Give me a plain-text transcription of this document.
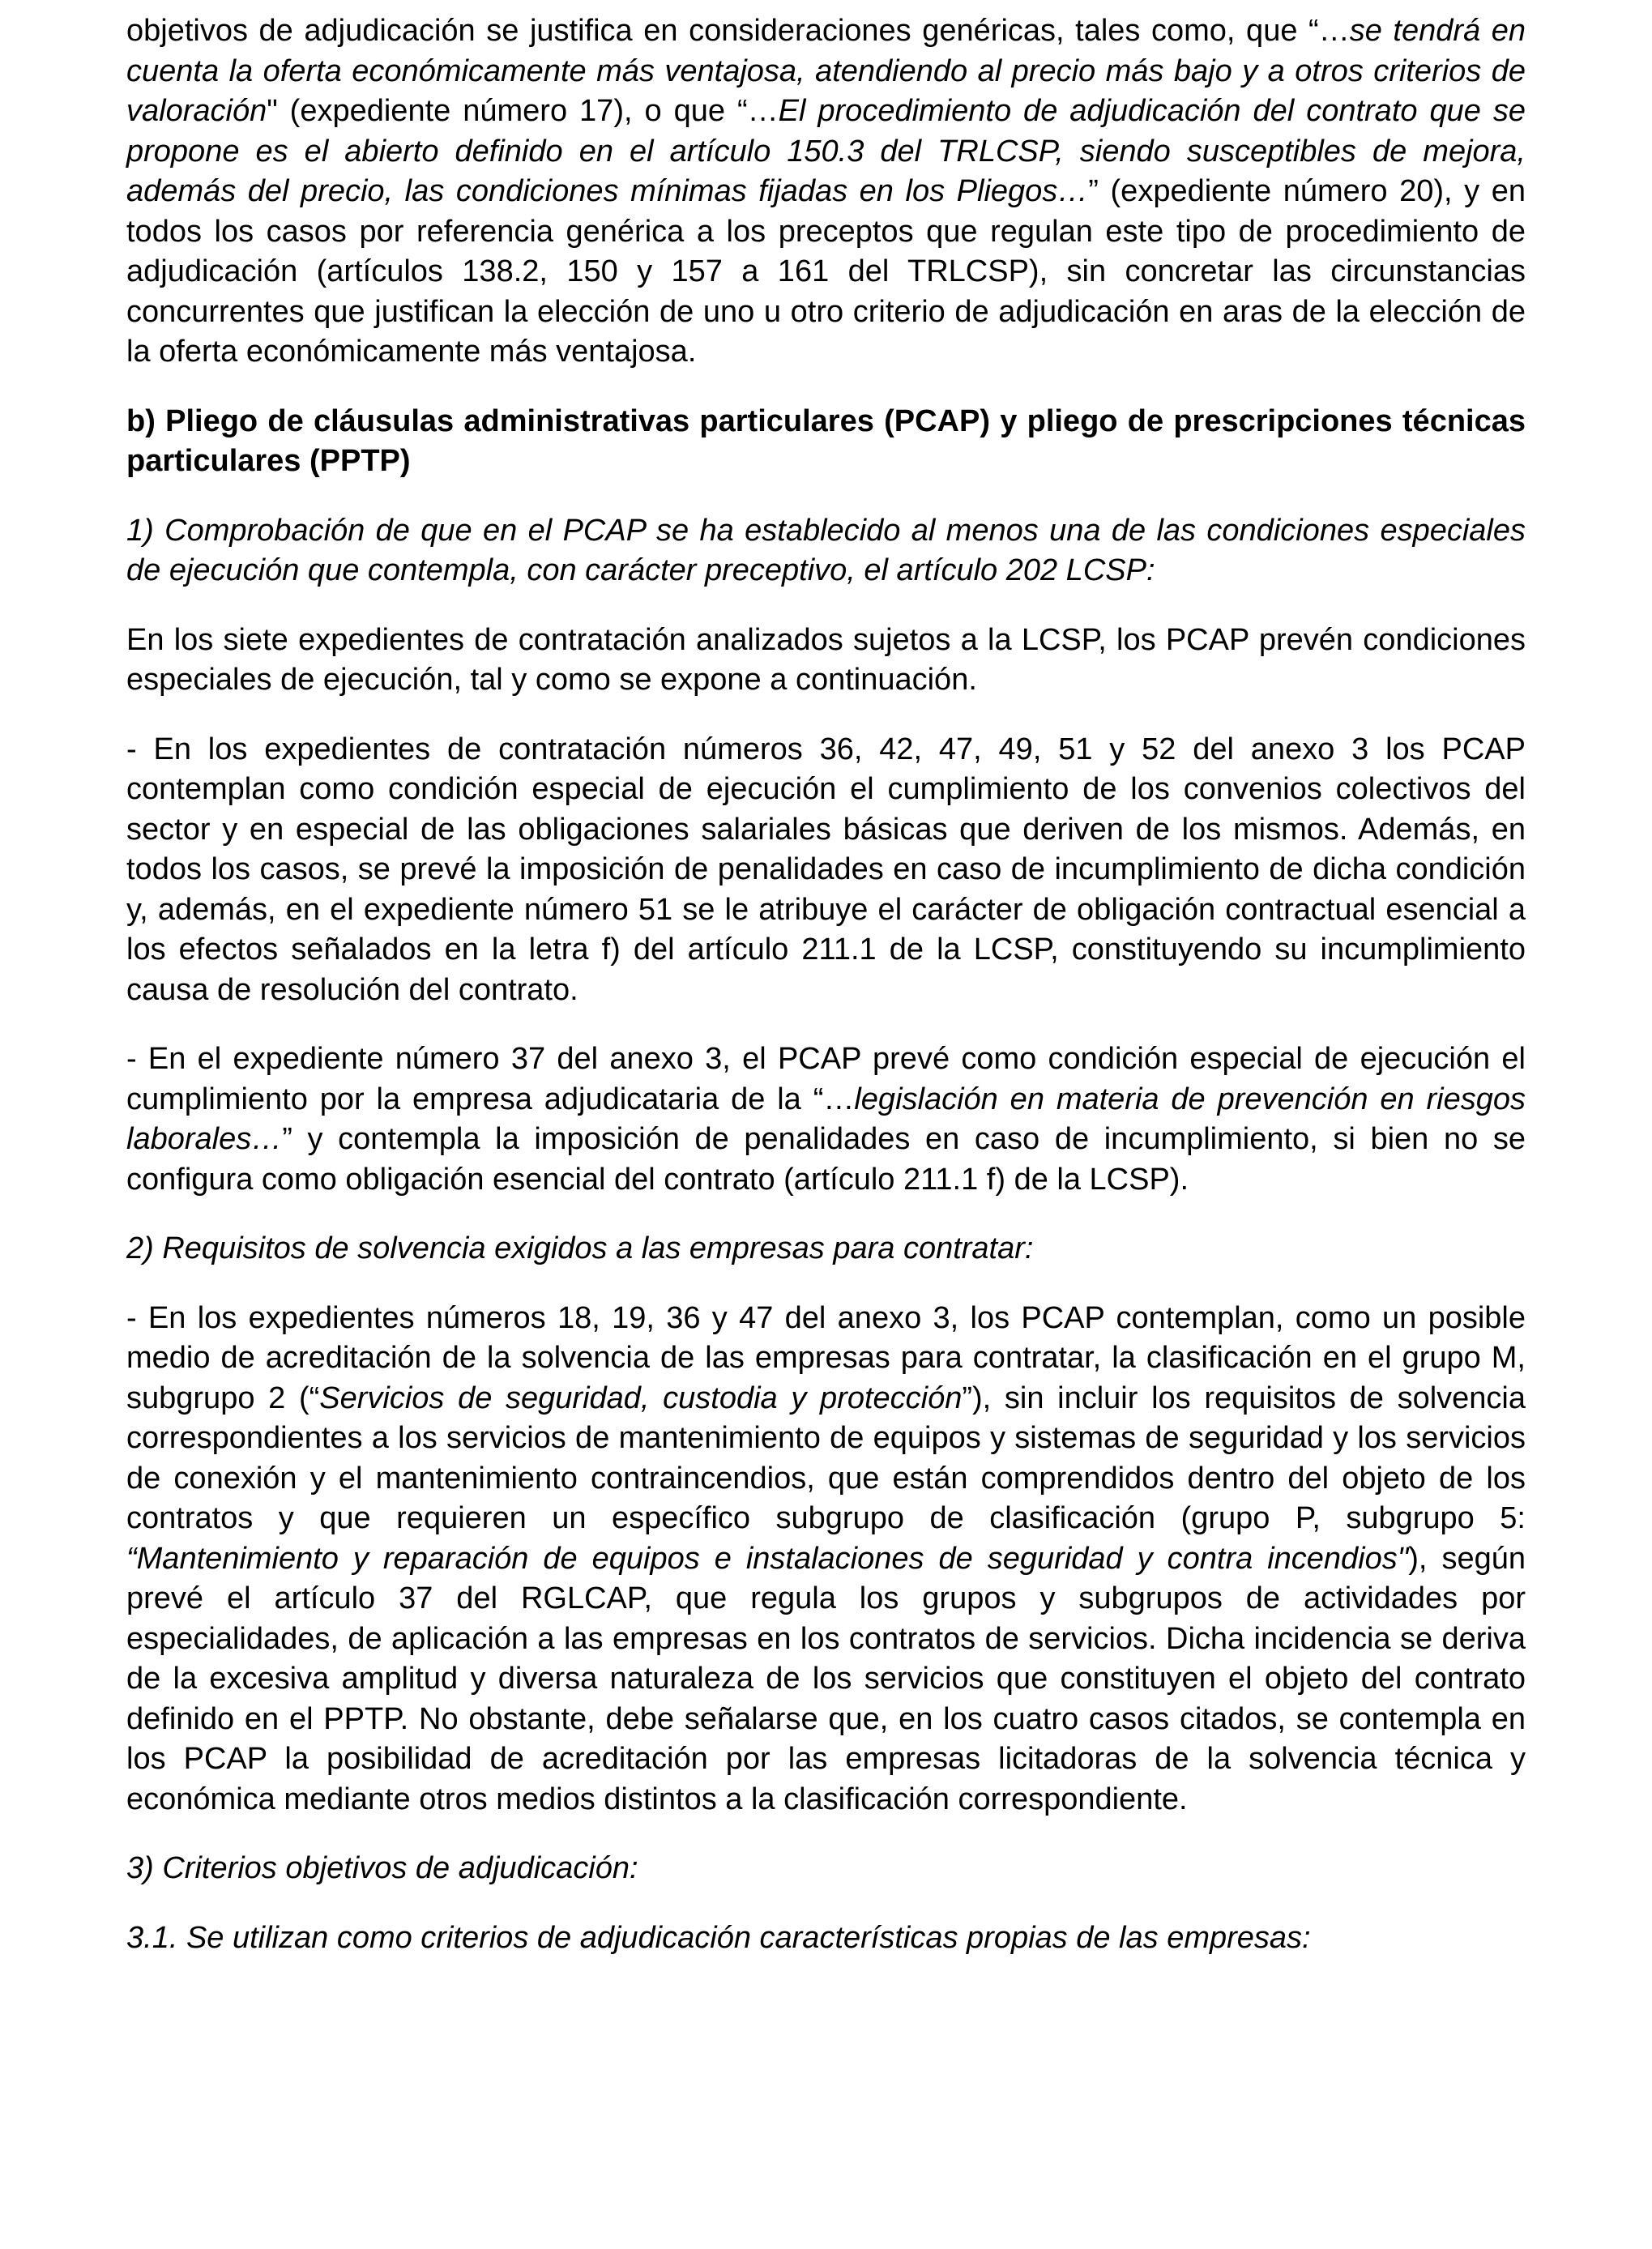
objetivos de adjudicación se justifica en consideraciones genéricas, tales como, que “…se tendrá en cuenta la oferta económicamente más ventajosa, atendiendo al precio más bajo y a otros criterios de valoración" (expediente número 17), o que “…El procedimiento de adjudicación del contrato que se propone es el abierto definido en el artículo 150.3 del TRLCSP, siendo susceptibles de mejora, además del precio, las condiciones mínimas fijadas en los Pliegos…” (expediente número 20), y en todos los casos por referencia genérica a los preceptos que regulan este tipo de procedimiento de adjudicación (artículos 138.2, 150 y 157 a 161 del TRLCSP), sin concretar las circunstancias concurrentes que justifican la elección de uno u otro criterio de adjudicación en aras de la elección de la oferta económicamente más ventajosa.

b) Pliego de cláusulas administrativas particulares (PCAP) y pliego de prescripciones técnicas particulares (PPTP)

1) Comprobación de que en el PCAP se ha establecido al menos una de las condiciones especiales de ejecución que contempla, con carácter preceptivo, el artículo 202 LCSP:

En los siete expedientes de contratación analizados sujetos a la LCSP, los PCAP prevén condiciones especiales de ejecución, tal y como se expone a continuación.

- En los expedientes de contratación números 36, 42, 47, 49, 51 y 52 del anexo 3 los PCAP contemplan como condición especial de ejecución el cumplimiento de los convenios colectivos del sector y en especial de las obligaciones salariales básicas que deriven de los mismos. Además, en todos los casos, se prevé la imposición de penalidades en caso de incumplimiento de dicha condición y, además, en el expediente número 51 se le atribuye el carácter de obligación contractual esencial a los efectos señalados en la letra f) del artículo 211.1 de la LCSP, constituyendo su incumplimiento causa de resolución del contrato.

- En el expediente número 37 del anexo 3, el PCAP prevé como condición especial de ejecución el cumplimiento por la empresa adjudicataria de la “…legislación en materia de prevención en riesgos laborales…” y contempla la imposición de penalidades en caso de incumplimiento, si bien no se configura como obligación esencial del contrato (artículo 211.1 f) de la LCSP).

2) Requisitos de solvencia exigidos a las empresas para contratar:

- En los expedientes números 18, 19, 36 y 47 del anexo 3, los PCAP contemplan, como un posible medio de acreditación de la solvencia de las empresas para contratar, la clasificación en el grupo M, subgrupo 2 (“Servicios de seguridad, custodia y protección”), sin incluir los requisitos de solvencia correspondientes a los servicios de mantenimiento de equipos y sistemas de seguridad y los servicios de conexión y el mantenimiento contraincendios, que están comprendidos dentro del objeto de los contratos y que requieren un específico subgrupo de clasificación (grupo P, subgrupo 5: “Mantenimiento y reparación de equipos e instalaciones de seguridad y contra incendios"), según prevé el artículo 37 del RGLCAP, que regula los grupos y subgrupos de actividades por especialidades, de aplicación a las empresas en los contratos de servicios. Dicha incidencia se deriva de la excesiva amplitud y diversa naturaleza de los servicios que constituyen el objeto del contrato definido en el PPTP. No obstante, debe señalarse que, en los cuatro casos citados, se contempla en los PCAP la posibilidad de acreditación por las empresas licitadoras de la solvencia técnica y económica mediante otros medios distintos a la clasificación correspondiente.

3) Criterios objetivos de adjudicación:

3.1. Se utilizan como criterios de adjudicación características propias de las empresas:
